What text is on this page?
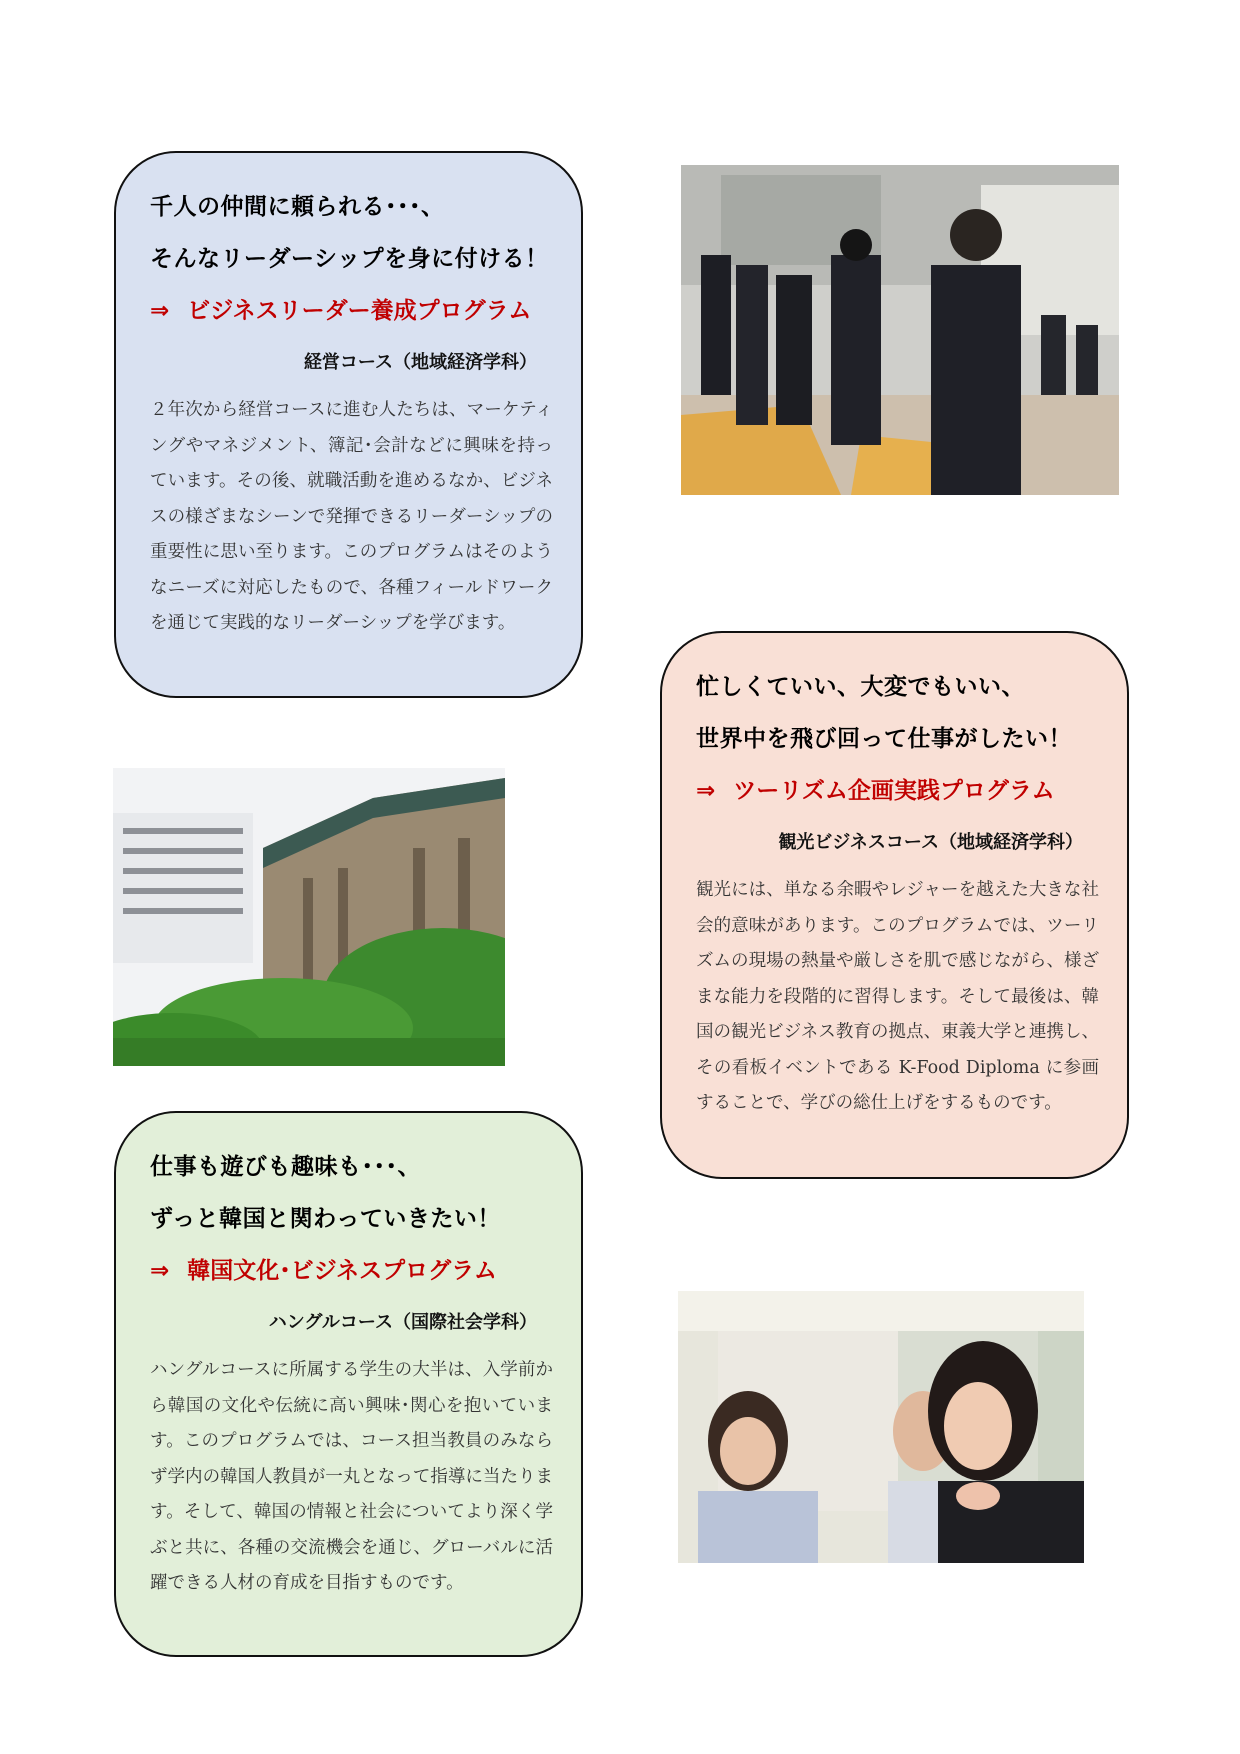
千人の仲間に頼られる･･･、
そんなリーダーシップを身に付ける！
⇒ ビジネスリーダー養成プログラム
経営コース（地域経済学科）
２年次から経営コースに進む人たちは、マーケティングやマネジメント、簿記･会計などに興味を持っています。その後、就職活動を進めるなか、ビジネスの様ざまなシーンで発揮できるリーダーシップの重要性に思い至ります。このプログラムはそのようなニーズに対応したもので、各種フィールドワークを通じて実践的なリーダーシップを学びます。
忙しくていい、大変でもいい、
世界中を飛び回って仕事がしたい！
⇒ ツーリズム企画実践プログラム
観光ビジネスコース（地域経済学科）
観光には、単なる余暇やレジャーを越えた大きな社会的意味があります。このプログラムでは、ツーリズムの現場の熱量や厳しさを肌で感じながら、様ざまな能力を段階的に習得します。そして最後は、韓国の観光ビジネス教育の拠点、東義大学と連携し、その看板イベントである K-Food Diploma に参画することで、学びの総仕上げをするものです。
仕事も遊びも趣味も･･･、
ずっと韓国と関わっていきたい！
⇒ 韓国文化･ビジネスプログラム
ハングルコース（国際社会学科）
ハングルコースに所属する学生の大半は、入学前から韓国の文化や伝統に高い興味･関心を抱いています。このプログラムでは、コース担当教員のみならず学内の韓国人教員が一丸となって指導に当たります。そして、韓国の情報と社会についてより深く学ぶと共に、各種の交流機会を通じ、グローバルに活躍できる人材の育成を目指すものです。
